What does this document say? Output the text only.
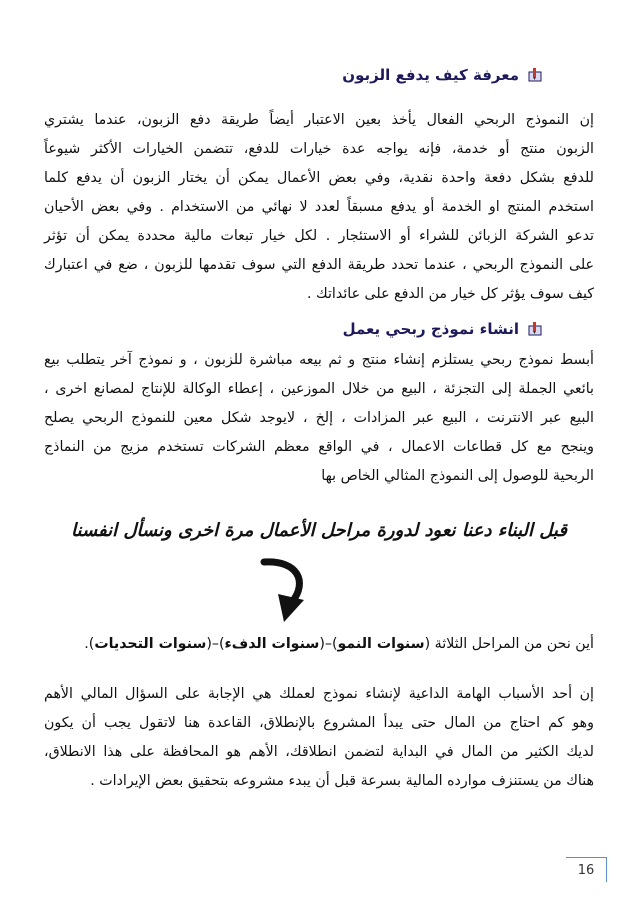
معرفة كيف يدفع الزبون
إن النموذج الربحي الفعال يأخذ بعين الاعتبار أيضاً طريقة دفع الزبون، عندما يشتري
الزبون منتج أو خدمة، فإنه يواجه عدة خيارات للدفع، تتضمن الخيارات الأكثر شيوعاً
للدفع بشكل دفعة واحدة نقدية، وفي بعض الأعمال يمكن أن يختار الزبون أن يدفع كلما
استخدم المنتج او الخدمة أو يدفع مسبقاً لعدد لا نهائي من الاستخدام . وفي بعض الأحيان
تدعو الشركة الزبائن للشراء أو الاستئجار . لكل خيار تبعات مالية محددة يمكن أن تؤثر
على النموذج الربحي ، عندما تحدد طريقة الدفع التي سوف تقدمها للزبون ، ضع في اعتبارك
كيف سوف يؤثر كل خيار من الدفع على عائداتك .
انشاء نموذج ربحي يعمل
أبسط نموذج ربحي يستلزم إنشاء منتج و ثم بيعه مباشرة للزبون ، و نموذج آخر يتطلب بيع
بائعي الجملة إلى التجزئة ، البيع من خلال الموزعين ، إعطاء الوكالة للإنتاج لمصانع اخرى ،
البيع عبر الانترنت ، البيع عبر المزادات ، إلخ ، لايوجد شكل معين للنموذج الربحي يصلح
وينجح مع كل قطاعات الاعمال ، في الواقع معظم الشركات تستخدم مزيج من النماذج
الربحية للوصول إلى النموذج المثالي الخاص بها
قبل البناء دعنا نعود لدورة مراحل الأعمال مرة اخرى ونسأل انفسنا
أين نحن من المراحل الثلاثة (سنوات النمو)–(سنوات الدفء)–(سنوات التحديات).
إن أحد الأسباب الهامة الداعية لإنشاء نموذج لعملك هي الإجابة على السؤال المالي الأهم
وهو كم احتاج من المال حتى يبدأ المشروع بالإنطلاق، القاعدة هنا لاتقول يجب أن يكون
لديك الكثير من المال في البداية لتضمن انطلاقك، الأهم هو المحافظة على هذا الانطلاق،
هناك من يستنزف موارده المالية بسرعة قبل أن يبدء مشروعه بتحقيق بعض الإيرادات .
16
